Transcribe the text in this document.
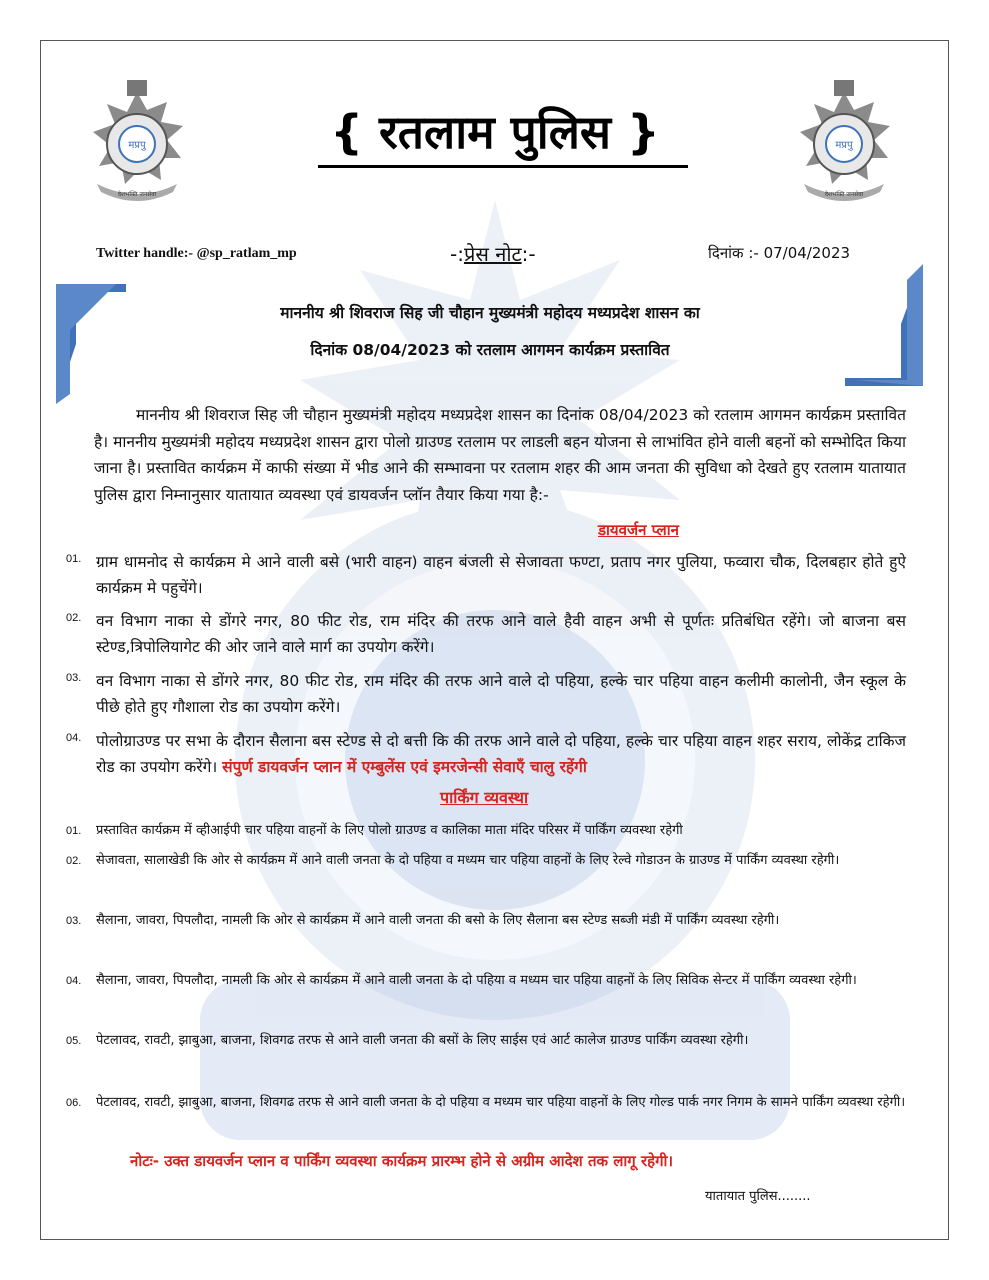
मप्रपु
देशभक्ति जनसेवा
मप्रपु
देशभक्ति जनसेवा
{ रतलाम पुलिस }
Twitter handle:- @sp_ratlam_mp	-:प्रेस नोट:-	दिनांक :- 07/04/2023
माननीय श्री शिवराज सिह जी चौहान मुख्यमंत्री महोदय मध्यप्रदेश शासन का
दिनांक 08/04/2023 को रतलाम आगमन कार्यक्रम प्रस्तावित
माननीय श्री शिवराज सिह जी चौहान मुख्यमंत्री महोदय मध्यप्रदेश शासन का दिनांक 08/04/2023 को रतलाम आगमन कार्यक्रम प्रस्तावित है। माननीय मुख्यमंत्री महोदय मध्यप्रदेश शासन द्वारा पोलो ग्राउण्ड रतलाम पर लाडली बहन योजना से लाभांवित होने वाली बहनों को सम्भोदित किया जाना है। प्रस्तावित कार्यक्रम में काफी संख्या में भीड आने की सम्भावना पर रतलाम शहर की आम जनता की सुविधा को देखते हुए रतलाम यातायात पुलिस द्वारा निम्नानुसार यातायात व्यवस्था एवं डायवर्जन प्लॉन तैयार किया गया है:-
डायवर्जन प्लान
01. ग्राम धामनोद से कार्यक्रम मे आने वाली बसे (भारी वाहन) वाहन बंजली से सेजावता फण्टा, प्रताप नगर पुलिया, फव्वारा चौक, दिलबहार होते हुऐ कार्यक्रम मे पहुचेंगे।
02. वन विभाग नाका से डोंगरे नगर, 80 फीट रोड, राम मंदिर की तरफ आने वाले हैवी वाहन अभी से पूर्णतः प्रतिबंधित रहेंगे। जो बाजना बस स्टेण्ड,त्रिपोलियागेट की ओर जाने वाले मार्ग का उपयोग करेंगे।
03. वन विभाग नाका से डोंगरे नगर, 80 फीट रोड, राम मंदिर की तरफ आने वाले दो पहिया, हल्के चार पहिया वाहन कलीमी कालोनी, जैन स्कूल के पीछे होते हुए गौशाला रोड का उपयोग करेंगे।
04. पोलोग्राउण्ड पर सभा के दौरान सैलाना बस स्टेण्ड से दो बत्ती कि की तरफ आने वाले दो पहिया, हल्के चार पहिया वाहन शहर सराय, लोकेंद्र टाकिज रोड का उपयोग करेंगे। संपुर्ण डायवर्जन प्लान में एम्बुलेंस एवं इमरजेन्सी सेवाएँ चालु रहेंगी
पार्किंग व्यवस्था
01. प्रस्तावित कार्यक्रम में व्हीआईपी चार पहिया वाहनों के लिए पोलो ग्राउण्ड व कालिका माता मंदिर परिसर में पार्किंग व्यवस्था रहेगी
02. सेजावता, सालाखेडी कि ओर से कार्यक्रम में आने वाली जनता के दो पहिया व मध्यम चार पहिया वाहनों के लिए रेल्वे गोडाउन के ग्राउण्ड में पार्किंग व्यवस्था रहेगी।
03. सैलाना, जावरा, पिपलौदा, नामली कि ओर से कार्यक्रम में आने वाली जनता की बसो के लिए सैलाना बस स्टेण्ड सब्जी मंडी में पार्किंग व्यवस्था रहेगी।
04. सैलाना, जावरा, पिपलौदा, नामली कि ओर से कार्यक्रम में आने वाली जनता के दो पहिया व मध्यम चार पहिया वाहनों के लिए सिविक सेन्टर में पार्किंग व्यवस्था रहेगी।
05. पेटलावद, रावटी, झाबुआ, बाजना, शिवगढ तरफ से आने वाली जनता की बसों के लिए साईस एवं आर्ट कालेज ग्राउण्ड पार्किंग व्यवस्था रहेगी।
06. पेटलावद, रावटी, झाबुआ, बाजना, शिवगढ तरफ से आने वाली जनता के दो पहिया व मध्यम चार पहिया वाहनों के लिए गोल्ड पार्क नगर निगम के सामने पार्किंग व्यवस्था रहेगी।
नोटः- उक्त डायवर्जन प्लान व पार्किंग व्यवस्था कार्यक्रम प्रारम्भ होने से अग्रीम आदेश तक लागू रहेगी।
यातायात पुलिस........
